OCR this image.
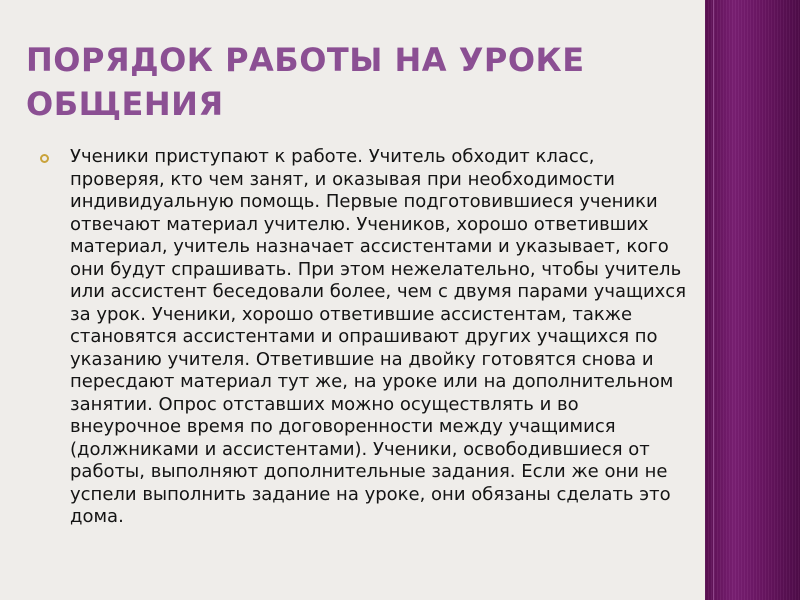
ПОРЯДОК РАБОТЫ НА УРОКЕ ОБЩЕНИЯ

Ученики приступают к работе. Учитель обходит класс, проверяя, кто чем занят, и оказывая при необходимости индивидуальную помощь. Первые подготовившиеся ученики отвечают материал учителю. Учеников, хорошо ответивших материал, учитель назначает ассистентами и указывает, кого они будут спрашивать. При этом нежелательно, чтобы учитель или ассистент беседовали более, чем с двумя парами учащихся за урок. Ученики, хорошо ответившие ассистентам, также становятся ассистентами и опрашивают других учащихся по указанию учителя. Ответившие на двойку готовятся снова и пересдают материал тут же, на уроке или на дополнительном занятии. Опрос отставших можно осуществлять и во внеурочное время по договоренности между учащимися (должниками и ассистентами). Ученики, освободившиеся от работы, выполняют дополнительные задания. Если же они не успели выполнить задание на уроке, они обязаны сделать это дома.
